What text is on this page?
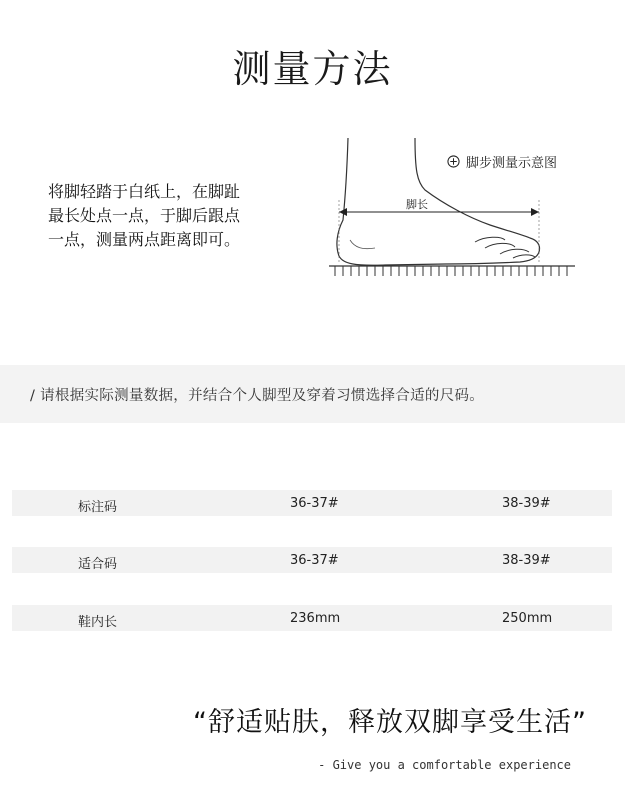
测量方法
将脚轻踏于白纸上，在脚趾
最长处点一点，于脚后跟点
一点，测量两点距离即可。
脚步测量示意图
脚长
/ 请根据实际测量数据，并结合个人脚型及穿着习惯选择合适的尺码。
标注码	36-37#	38-39#
适合码	36-37#	38-39#
鞋内长	236mm	250mm
“舒适贴肤，释放双脚享受生活”
- Give you a comfortable experience
